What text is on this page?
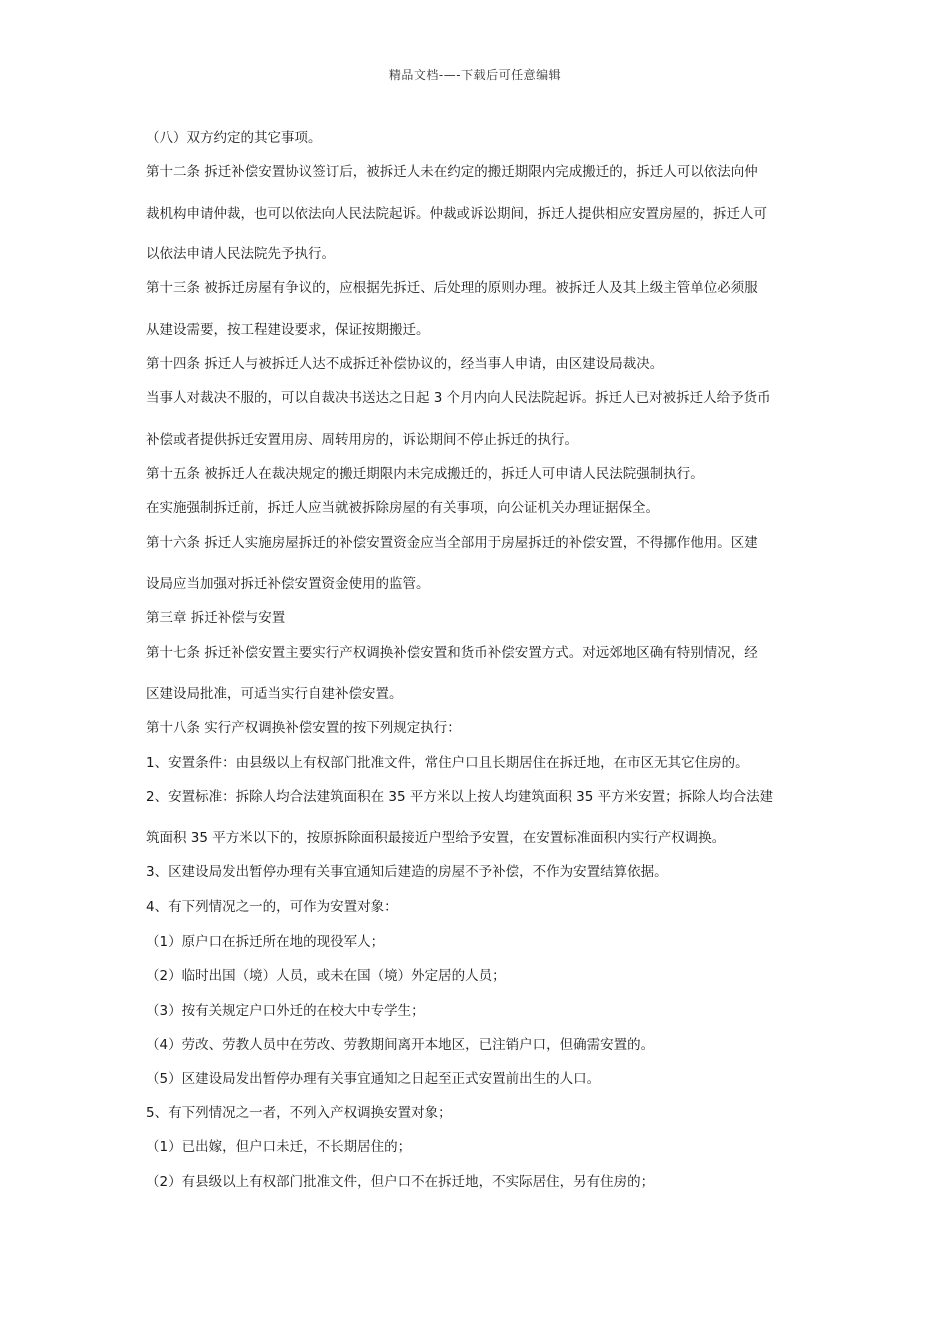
精品文档-—-下载后可任意编辑
（八）双方约定的其它事项。
第十二条 拆迁补偿安置协议签订后，被拆迁人未在约定的搬迁期限内完成搬迁的，拆迁人可以依法向仲
裁机构申请仲裁，也可以依法向人民法院起诉。仲裁或诉讼期间，拆迁人提供相应安置房屋的，拆迁人可
以依法申请人民法院先予执行。
第十三条 被拆迁房屋有争议的，应根据先拆迁、后处理的原则办理。被拆迁人及其上级主管单位必须服
从建设需要，按工程建设要求，保证按期搬迁。
第十四条 拆迁人与被拆迁人达不成拆迁补偿协议的，经当事人申请，由区建设局裁决。
当事人对裁决不服的，可以自裁决书送达之日起 3 个月内向人民法院起诉。拆迁人已对被拆迁人给予货币
补偿或者提供拆迁安置用房、周转用房的，诉讼期间不停止拆迁的执行。
第十五条 被拆迁人在裁决规定的搬迁期限内未完成搬迁的，拆迁人可申请人民法院强制执行。
在实施强制拆迁前，拆迁人应当就被拆除房屋的有关事项，向公证机关办理证据保全。
第十六条 拆迁人实施房屋拆迁的补偿安置资金应当全部用于房屋拆迁的补偿安置，不得挪作他用。区建
设局应当加强对拆迁补偿安置资金使用的监管。
第三章 拆迁补偿与安置
第十七条 拆迁补偿安置主要实行产权调换补偿安置和货币补偿安置方式。对远郊地区确有特别情况，经
区建设局批准，可适当实行自建补偿安置。
第十八条 实行产权调换补偿安置的按下列规定执行：
1、安置条件：由县级以上有权部门批准文件，常住户口且长期居住在拆迁地，在市区无其它住房的。
2、安置标准：拆除人均合法建筑面积在 35 平方米以上按人均建筑面积 35 平方米安置；拆除人均合法建
筑面积 35 平方米以下的，按原拆除面积最接近户型给予安置，在安置标准面积内实行产权调换。
3、区建设局发出暂停办理有关事宜通知后建造的房屋不予补偿，不作为安置结算依据。
4、有下列情况之一的，可作为安置对象：
（1）原户口在拆迁所在地的现役军人；
（2）临时出国（境）人员，或未在国（境）外定居的人员；
（3）按有关规定户口外迁的在校大中专学生；
（4）劳改、劳教人员中在劳改、劳教期间离开本地区，已注销户口，但确需安置的。
（5）区建设局发出暂停办理有关事宜通知之日起至正式安置前出生的人口。
5、有下列情况之一者，不列入产权调换安置对象；
（1）已出嫁，但户口未迁，不长期居住的；
（2）有县级以上有权部门批准文件，但户口不在拆迁地，不实际居住，另有住房的；
